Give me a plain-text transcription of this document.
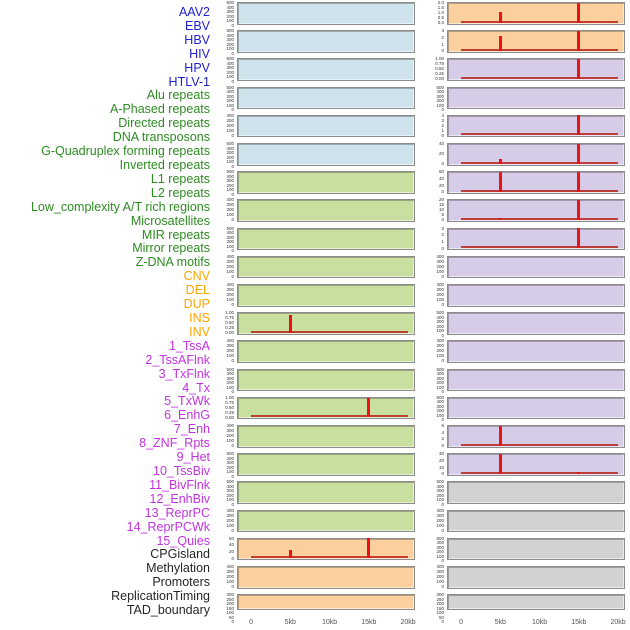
AAV2
EBV
HBV
HIV
HPV
HTLV-1
Alu repeats
A-Phased repeats
Directed repeats
DNA transposons
G-Quadruplex forming repeats
Inverted repeats
L1 repeats
L2 repeats
Low_complexity A/T rich regions
Microsatellites
MIR repeats
Mirror repeats
Z-DNA motifs
CNV
DEL
DUP
INS
INV
1_TssA
2_TssAFlnk
3_TxFlnk
4_Tx
5_TxWk
6_EnhG
7_Enh
8_ZNF_Rpts
9_Het
10_TssBiv
11_BivFlnk
12_EnhBiv
13_ReprPC
14_ReprPCWk
15_Quies
CPGisland
Methylation
Promoters
ReplicationTiming
TAD_boundary
500
400
300
200
100
0
500
400
300
200
100
0
500
400
300
200
100
0
500
400
300
200
100
0
400
300
200
100
0
500
400
300
200
100
0
500
400
300
200
100
0
400
300
200
100
0
500
400
300
200
100
0
400
300
200
100
0
400
300
200
100
0
1.00
0.75
0.50
0.25
0.00
400
300
200
100
0
500
400
300
200
100
0
1.00
0.75
0.50
0.25
0.00
400
300
200
100
0
500
400
300
200
100
0
500
400
300
200
100
0
400
300
200
100
0
60
40
20
0
400
300
200
100
0
300
250
200
150
100
50
0 0	5kb	10kb	15kb	20kb
2.0
1.5
1.0
0.5
0.0
3
2
1
0
1.00
0.75
0.50
0.25
0.00
500
400
300
200
100
0
4
3
2
1
0
40
20
0
60
40
20
0
20
15
10
5
0
3
2
1
0
400
300
200
100
0
400
300
200
100
0
500
400
300
200
100
0
400
300
200
100
0
500
400
300
200
100
0
500
400
300
200
100
0
6
4
2
0
30
20
10
0
500
400
300
200
100
0
400
300
200
100
0
500
400
300
200
100
0
400
300
200
100
0
300
250
200
150
100
50
0 0	5kb	10kb	15kb	20kb
